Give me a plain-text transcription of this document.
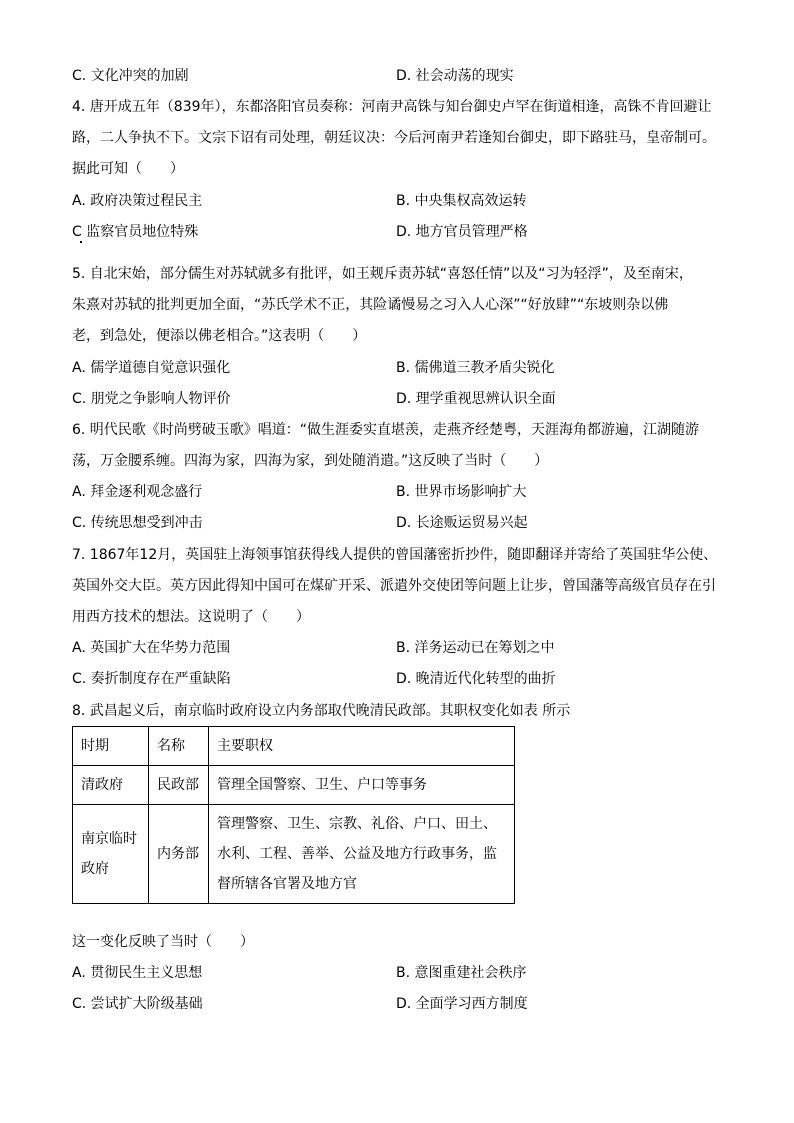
C. 文化冲突的加剧	D. 社会动荡的现实
4. 唐开成五年（839年），东都洛阳官员奏称：河南尹高铢与知台御史卢罕在街道相逢，高铢不肯回避让
路，二人争执不下。文宗下诏有司处理，朝廷议决：今后河南尹若逢知台御史，即下路驻马，皇帝制可。
据此可知（　　）
A. 政府决策过程民主	B. 中央集权高效运转
C 监察官员地位特殊	D. 地方官员管理严格
5. 自北宋始，部分儒生对苏轼就多有批评，如王觌斥责苏轼“喜怒任情”以及“习为轻浮”，及至南宋，
朱熹对苏轼的批判更加全面，“苏氏学术不正，其险谲慢易之习入人心深”“好放肆”“东坡则杂以佛
老，到急处，便添以佛老相合。”这表明（　　）
A. 儒学道德自觉意识强化	B. 儒佛道三教矛盾尖锐化
C. 朋党之争影响人物评价	D. 理学重视思辨认识全面
6. 明代民歌《时尚劈破玉歌》唱道：“做生涯委实直堪羡，走燕齐经楚粤，天涯海角都游遍，江湖随游
荡，万金腰系缠。四海为家，四海为家，到处随消遣。”这反映了当时（　　）
A. 拜金逐利观念盛行	B. 世界市场影响扩大
C. 传统思想受到冲击	D. 长途贩运贸易兴起
7. 1867年12月，英国驻上海领事馆获得线人提供的曾国藩密折抄件，随即翻译并寄给了英国驻华公使、
英国外交大臣。英方因此得知中国可在煤矿开采、派遣外交使团等问题上让步，曾国藩等高级官员存在引
用西方技术的想法。这说明了（　　）
A. 英国扩大在华势力范围	B. 洋务运动已在筹划之中
C. 奏折制度存在严重缺陷	D. 晚清近代化转型的曲折
8. 武昌起义后，南京临时政府设立内务部取代晚清民政部。其职权变化如表 所示
时期	名称	主要职权
清政府	民政部	管理全国警察、卫生、户口等事务
南京临时政府	内务部	管理警察、卫生、宗教、礼俗、户口、田土、水利、工程、善举、公益及地方行政事务，监督所辖各官署及地方官
这一变化反映了当时（　　）
A. 贯彻民生主义思想	B. 意图重建社会秩序
C. 尝试扩大阶级基础	D. 全面学习西方制度
